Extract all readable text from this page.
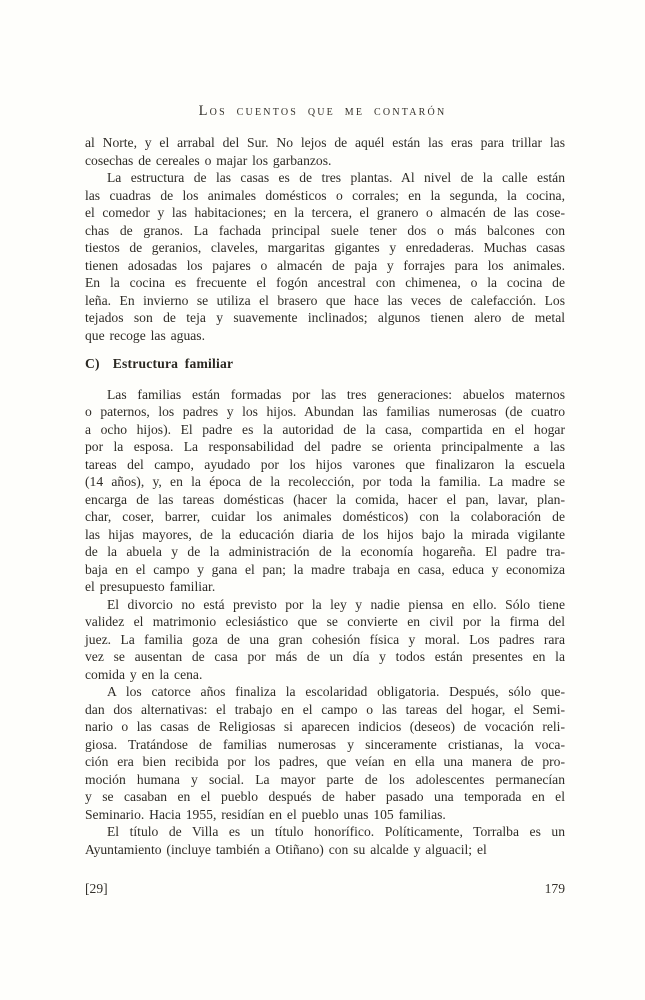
Los cuentos que me contarón
al Norte, y el arrabal del Sur. No lejos de aquél están las eras para trillar las
cosechas de cereales o majar los garbanzos.
La estructura de las casas es de tres plantas. Al nivel de la calle están
las cuadras de los animales domésticos o corrales; en la segunda, la cocina,
el comedor y las habitaciones; en la tercera, el granero o almacén de las cose-
chas de granos. La fachada principal suele tener dos o más balcones con
tiestos de geranios, claveles, margaritas gigantes y enredaderas. Muchas casas
tienen adosadas los pajares o almacén de paja y forrajes para los animales.
En la cocina es frecuente el fogón ancestral con chimenea, o la cocina de
leña. En invierno se utiliza el brasero que hace las veces de calefacción. Los
tejados son de teja y suavemente inclinados; algunos tienen alero de metal
que recoge las aguas.
C) Estructura familiar
Las familias están formadas por las tres generaciones: abuelos maternos
o paternos, los padres y los hijos. Abundan las familias numerosas (de cuatro
a ocho hijos). El padre es la autoridad de la casa, compartida en el hogar
por la esposa. La responsabilidad del padre se orienta principalmente a las
tareas del campo, ayudado por los hijos varones que finalizaron la escuela
(14 años), y, en la época de la recolección, por toda la familia. La madre se
encarga de las tareas domésticas (hacer la comida, hacer el pan, lavar, plan-
char, coser, barrer, cuidar los animales domésticos) con la colaboración de
las hijas mayores, de la educación diaria de los hijos bajo la mirada vigilante
de la abuela y de la administración de la economía hogareña. El padre tra-
baja en el campo y gana el pan; la madre trabaja en casa, educa y economiza
el presupuesto familiar.
El divorcio no está previsto por la ley y nadie piensa en ello. Sólo tiene
validez el matrimonio eclesiástico que se convierte en civil por la firma del
juez. La familia goza de una gran cohesión física y moral. Los padres rara
vez se ausentan de casa por más de un día y todos están presentes en la
comida y en la cena.
A los catorce años finaliza la escolaridad obligatoria. Después, sólo que-
dan dos alternativas: el trabajo en el campo o las tareas del hogar, el Semi-
nario o las casas de Religiosas si aparecen indicios (deseos) de vocación reli-
giosa. Tratándose de familias numerosas y sinceramente cristianas, la voca-
ción era bien recibida por los padres, que veían en ella una manera de pro-
moción humana y social. La mayor parte de los adolescentes permanecían
y se casaban en el pueblo después de haber pasado una temporada en el
Seminario. Hacia 1955, residían en el pueblo unas 105 familias.
El título de Villa es un título honorífico. Políticamente, Torralba es un
Ayuntamiento (incluye también a Otiñano) con su alcalde y alguacil; el
[29]	179
